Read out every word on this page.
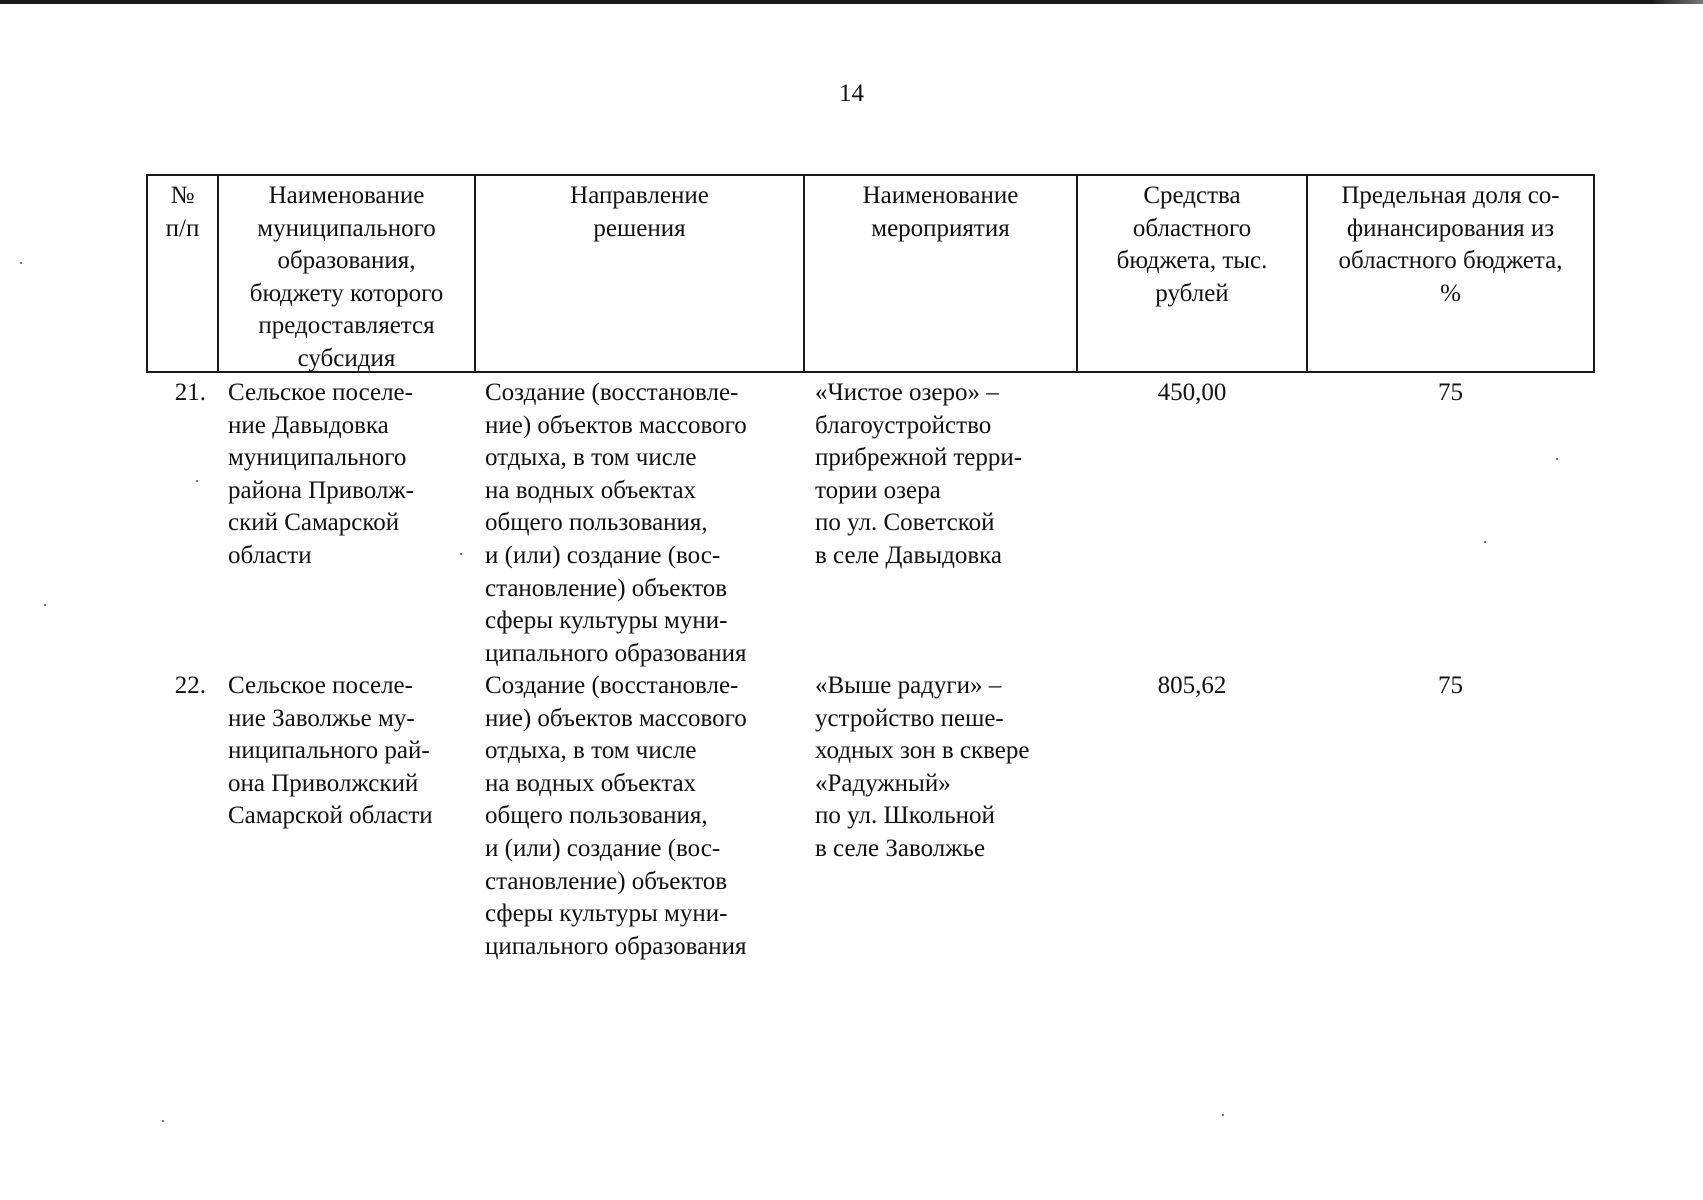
14
№
п/п
Наименование
муниципального
образования,
бюджету которого
предоставляется
субсидия
Направление
решения
Наименование
мероприятия
Средства
областного
бюджета, тыс.
рублей
Предельная доля со-
финансирования из
областного бюджета,
%
21. Сельское поселе-
ние Давыдовка
муниципального
района Приволж-
ский Самарской
области
Создание (восстановле-
ние) объектов массового
отдыха, в том числе
на водных объектах
общего пользования,
и (или) создание (вос-
становление) объектов
сферы культуры муни-
ципального образования
«Чистое озеро» –
благоустройство
прибрежной терри-
тории озера
по ул. Советской
в селе Давыдовка
450,00	75
22. Сельское поселе-
ние Заволжье му-
ниципального рай-
она Приволжский
Самарской области
Создание (восстановле-
ние) объектов массового
отдыха, в том числе
на водных объектах
общего пользования,
и (или) создание (вос-
становление) объектов
сферы культуры муни-
ципального образования
«Выше радуги» –
устройство пеше-
ходных зон в сквере
«Радужный»
по ул. Школьной
в селе Заволжье
805,62	75
